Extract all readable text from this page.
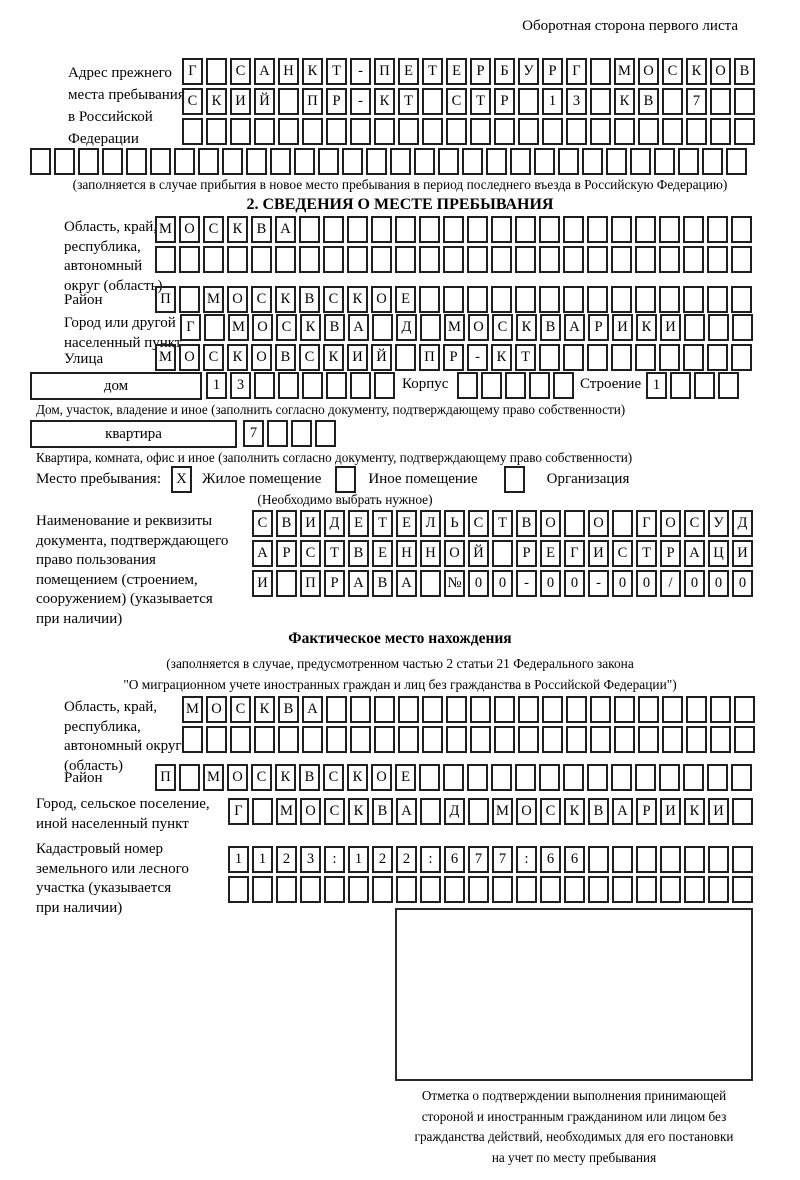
Оборотная сторона первого листа
Адрес прежнего
места пребывания
в Российской
Федерации
Г	С А Н К	Т	-	П Е	Т	Е	Р	Б	У	Р	Г	М О С К О В
С К И Й	П	Р	-	К	Т	С	Т	Р	1	3	К В	7
(заполняется в случае прибытия в новое место пребывания в период последнего въезда в Российскую Федерацию)
2. СВЕДЕНИЯ О МЕСТЕ ПРЕБЫВАНИЯ
Область, край,
республика,
автономный
округ (область)
М О С К В А
Район	П	М О С К В С К О Е
Город или другой
населенный пункт
Г	М О С К В А	Д	М О С К В А	Р	И К И
Улица	М О С К О В С К И Й	П	Р	-	К	Т
дом	1	3	Корпус	Строение 1
Дом, участок, владение и иное (заполнить согласно документу, подтверждающему право собственности)
квартира	7
Квартира, комната, офис и иное (заполнить согласно документу, подтверждающему право собственности)
Место пребывания:	X	Жилое помещение	Иное помещение	Организация
(Необходимо выбрать нужное)
Наименование и реквизиты
документа, подтверждающего
право пользования
помещением (строением,
сооружением) (указывается
при наличии)
С В И Д	Е	Т	Е	Л	Ь	С	Т	В О	О	Г	О С У Д
А	Р	С	Т	В	Е Н Н О Й	Р	Е	Г	И С	Т	Р	А Ц И
И	П	Р	А В А	№ 0	0	-	0	0	-	0	0	/	0	0	0
Фактическое место нахождения
(заполняется в случае, предусмотренном частью 2 статьи 21 Федерального закона
"О миграционном учете иностранных граждан и лиц без гражданства в Российской Федерации")
Область, край,
республика,
автономный округ
(область)
М О С К В А
Район	П	М О С К В С К О Е
Город, сельское поселение,
иной населенный пункт
Г	М О С К В А	Д	М О С К В А	Р	И К И
Кадастровый номер
земельного или лесного
участка (указывается
при наличии)
1	1	2	3	:	1	2	2	:	6	7	7	:	6	6
Отметка о подтверждении выполнения принимающей
стороной и иностранным гражданином или лицом без
гражданства действий, необходимых для его постановки
на учет по месту пребывания
